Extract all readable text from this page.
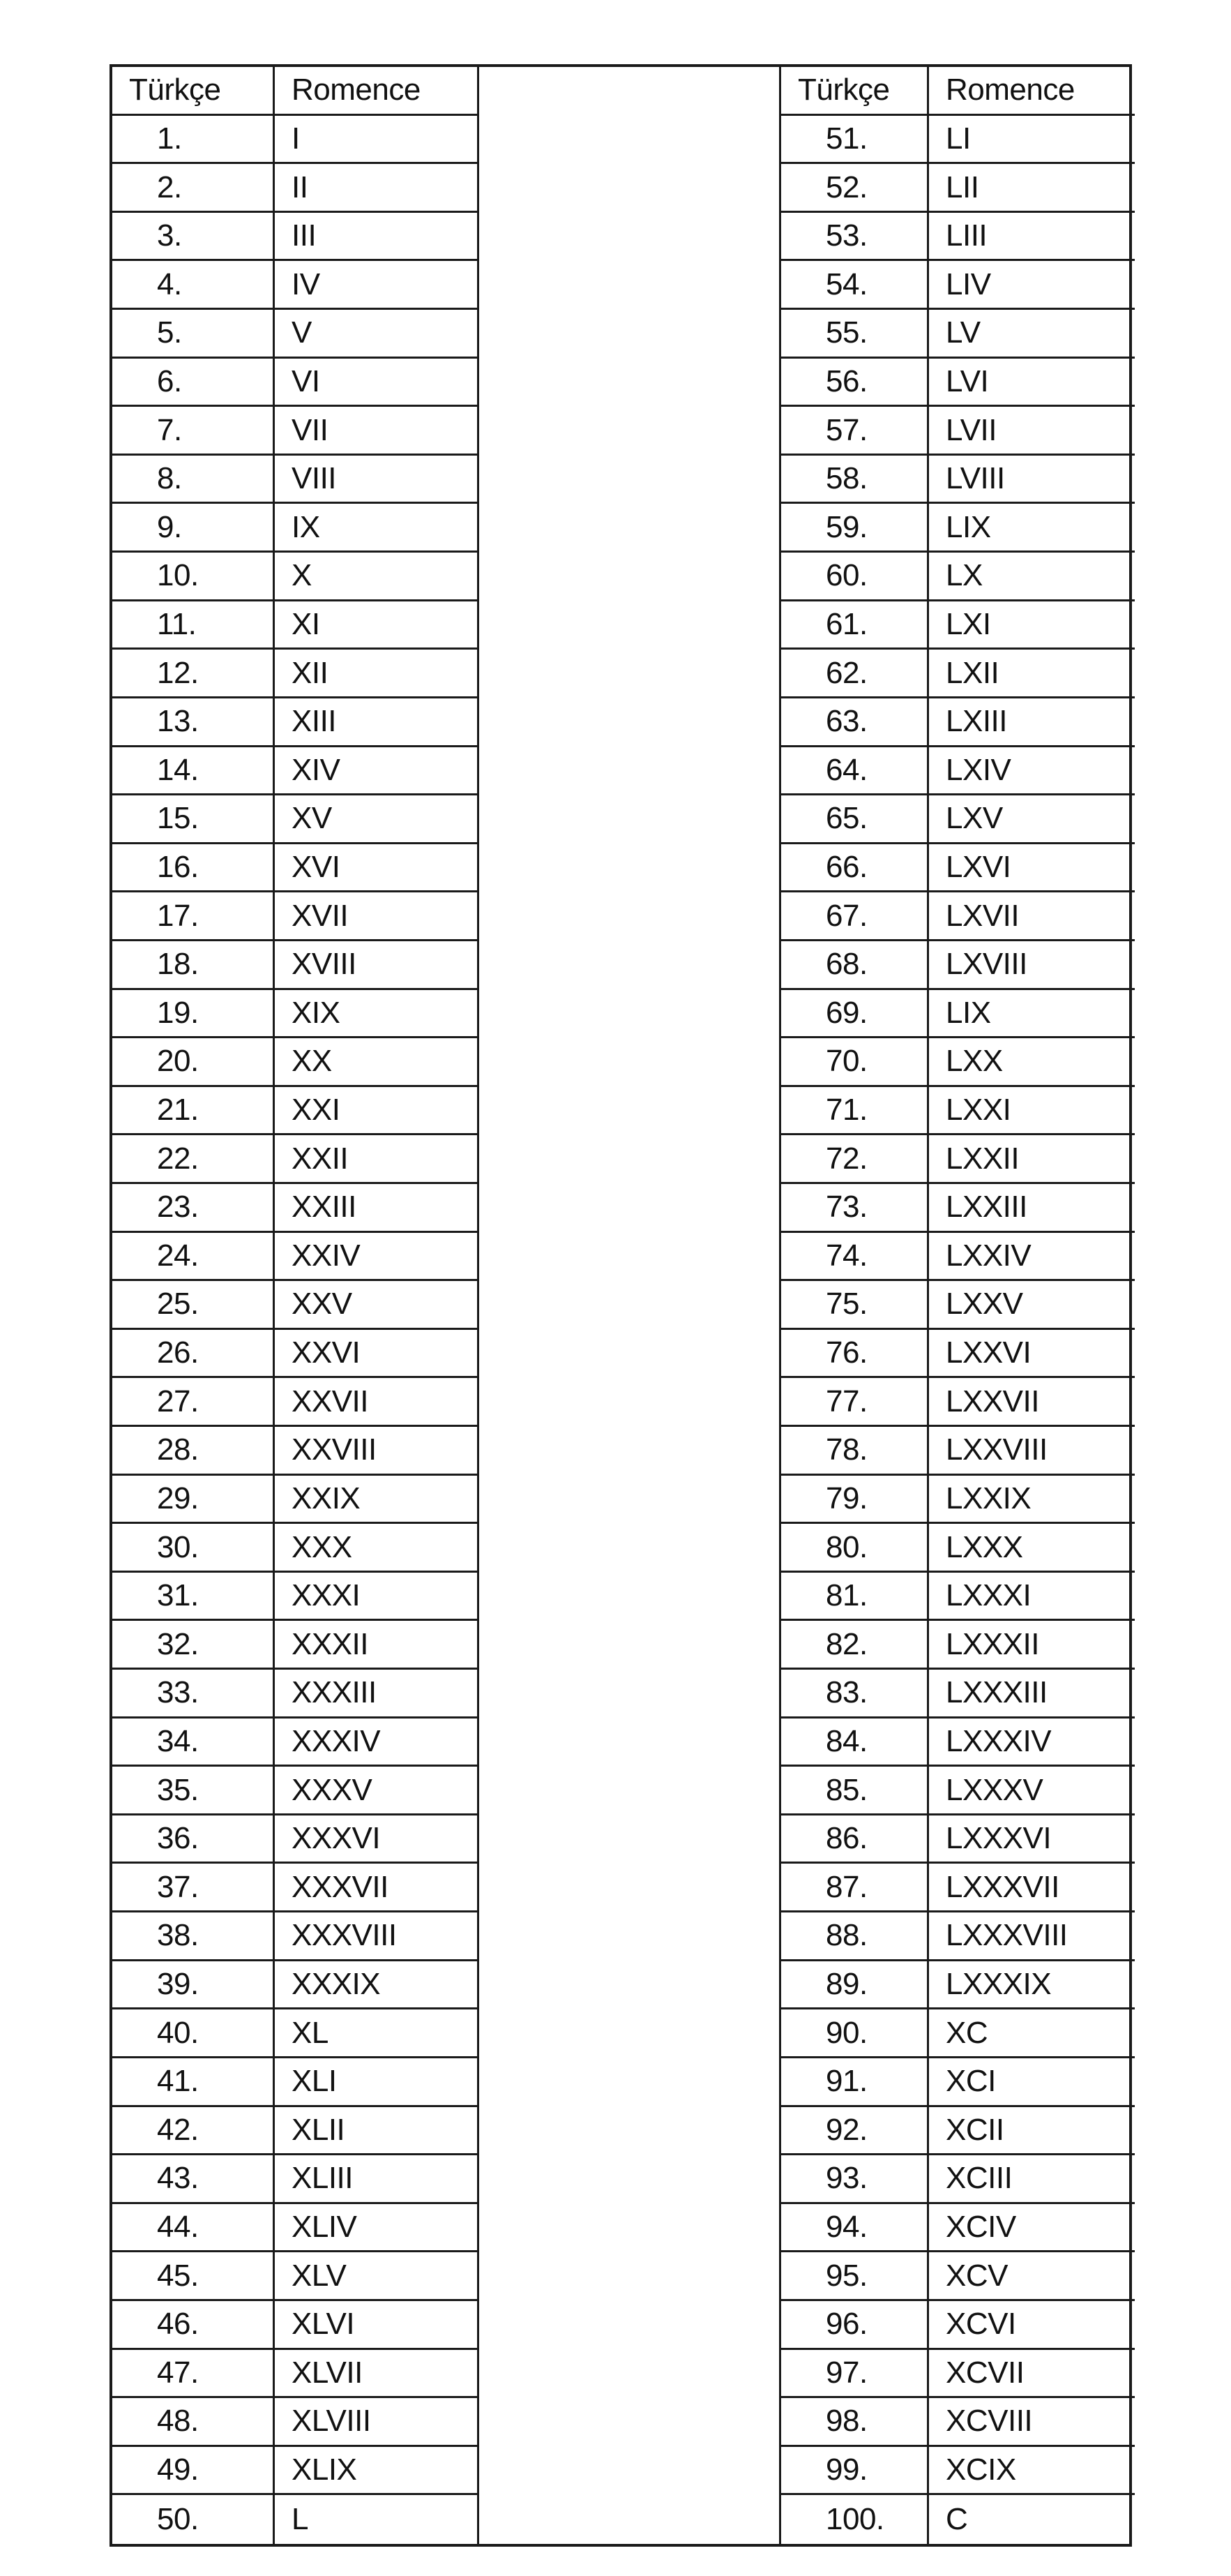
Türkçe	Romence	Türkçe	Romence
1.	I
2.	II
3.	III
4.	IV
5.	V
6.	VI
7.	VII
8.	VIII
9.	IX
10.	X
11.	XI
12.	XII
13.	XIII
14.	XIV
15.	XV
16.	XVI
17.	XVII
18.	XVIII
19.	XIX
20.	XX
21.	XXI
22.	XXII
23.	XXIII
24.	XXIV
25.	XXV
26.	XXVI
27.	XXVII
28.	XXVIII
29.	XXIX
30.	XXX
31.	XXXI
32.	XXXII
33.	XXXIII
34.	XXXIV
35.	XXXV
36.	XXXVI
37.	XXXVII
38.	XXXVIII
39.	XXXIX
40.	XL
41.	XLI
42.	XLII
43.	XLIII
44.	XLIV
45.	XLV
46.	XLVI
47.	XLVII
48.	XLVIII
49.	XLIX
50.	L
51.	LI
52.	LII
53.	LIII
54.	LIV
55.	LV
56.	LVI
57.	LVII
58.	LVIII
59.	LIX
60.	LX
61.	LXI
62.	LXII
63.	LXIII
64.	LXIV
65.	LXV
66.	LXVI
67.	LXVII
68.	LXVIII
69.	LIX
70.	LXX
71.	LXXI
72.	LXXII
73.	LXXIII
74.	LXXIV
75.	LXXV
76.	LXXVI
77.	LXXVII
78.	LXXVIII
79.	LXXIX
80.	LXXX
81.	LXXXI
82.	LXXXII
83.	LXXXIII
84.	LXXXIV
85.	LXXXV
86.	LXXXVI
87.	LXXXVII
88.	LXXXVIII
89.	LXXXIX
90.	XC
91.	XCI
92.	XCII
93.	XCIII
94.	XCIV
95.	XCV
96.	XCVI
97.	XCVII
98.	XCVIII
99.	XCIX
100.	C
